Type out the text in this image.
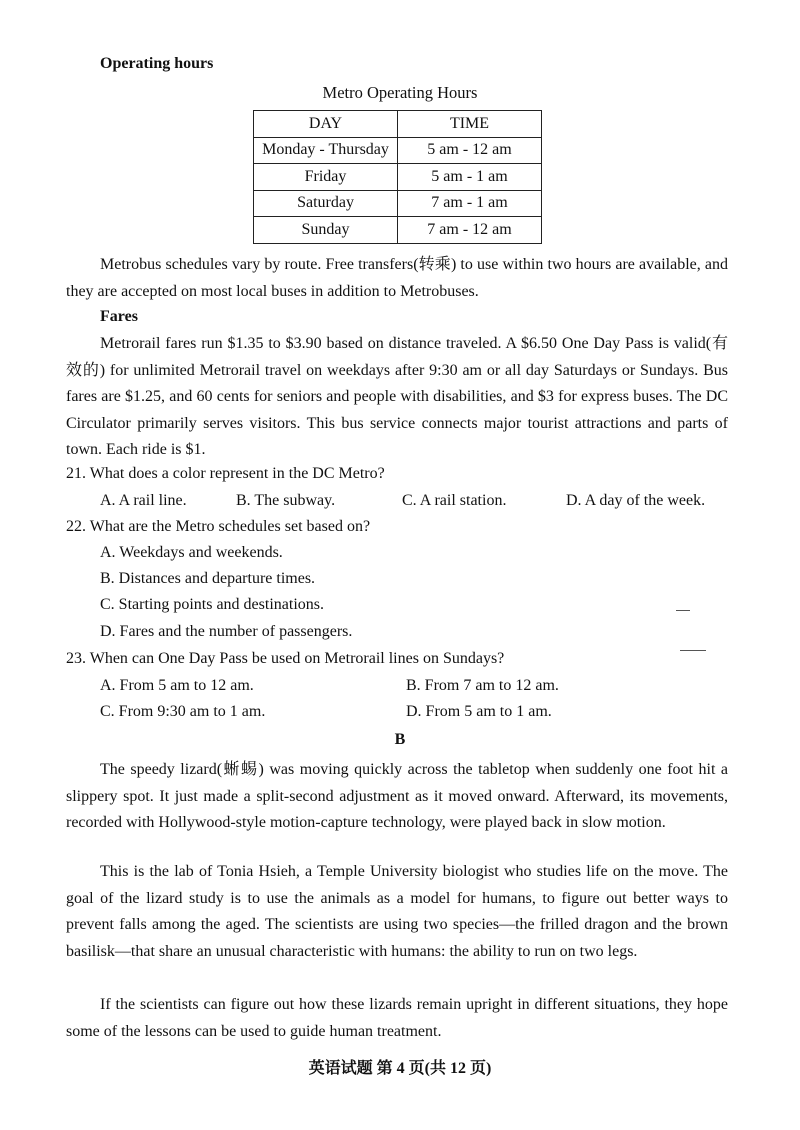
Operating hours
Metro Operating Hours
DAY	TIME
Monday - Thursday	5 am - 12 am
Friday	5 am - 1 am
Saturday	7 am - 1 am
Sunday	7 am - 12 am
Metrobus schedules vary by route. Free transfers(转乘) to use within two hours are available, and they are accepted on most local buses in addition to Metrobuses.
Fares
Metrorail fares run $1.35 to $3.90 based on distance traveled. A $6.50 One Day Pass is valid(有效的) for unlimited Metrorail travel on weekdays after 9:30 am or all day Saturdays or Sundays. Bus fares are $1.25, and 60 cents for seniors and people with disabilities, and $3 for express buses. The DC Circulator primarily serves visitors. This bus service connects major tourist attractions and parts of town. Each ride is $1.
21. What does a color represent in the DC Metro?
A. A rail line.	B. The subway.	C. A rail station.	D. A day of the week.
22. What are the Metro schedules set based on?
A. Weekdays and weekends.
B. Distances and departure times.
C. Starting points and destinations.
D. Fares and the number of passengers.
23. When can One Day Pass be used on Metrorail lines on Sundays?
A. From 5 am to 12 am.	B. From 7 am to 12 am.
C. From 9:30 am to 1 am.	D. From 5 am to 1 am.
B
The speedy lizard(蜥蜴) was moving quickly across the tabletop when suddenly one foot hit a slippery spot. It just made a split-second adjustment as it moved onward. Afterward, its movements, recorded with Hollywood-style motion-capture technology, were played back in slow motion.
This is the lab of Tonia Hsieh, a Temple University biologist who studies life on the move. The goal of the lizard study is to use the animals as a model for humans, to figure out better ways to prevent falls among the aged. The scientists are using two species—the frilled dragon and the brown basilisk—that share an unusual characteristic with humans: the ability to run on two legs.
If the scientists can figure out how these lizards remain upright in different situations, they hope some of the lessons can be used to guide human treatment.
英语试题 第 4 页(共 12 页)
